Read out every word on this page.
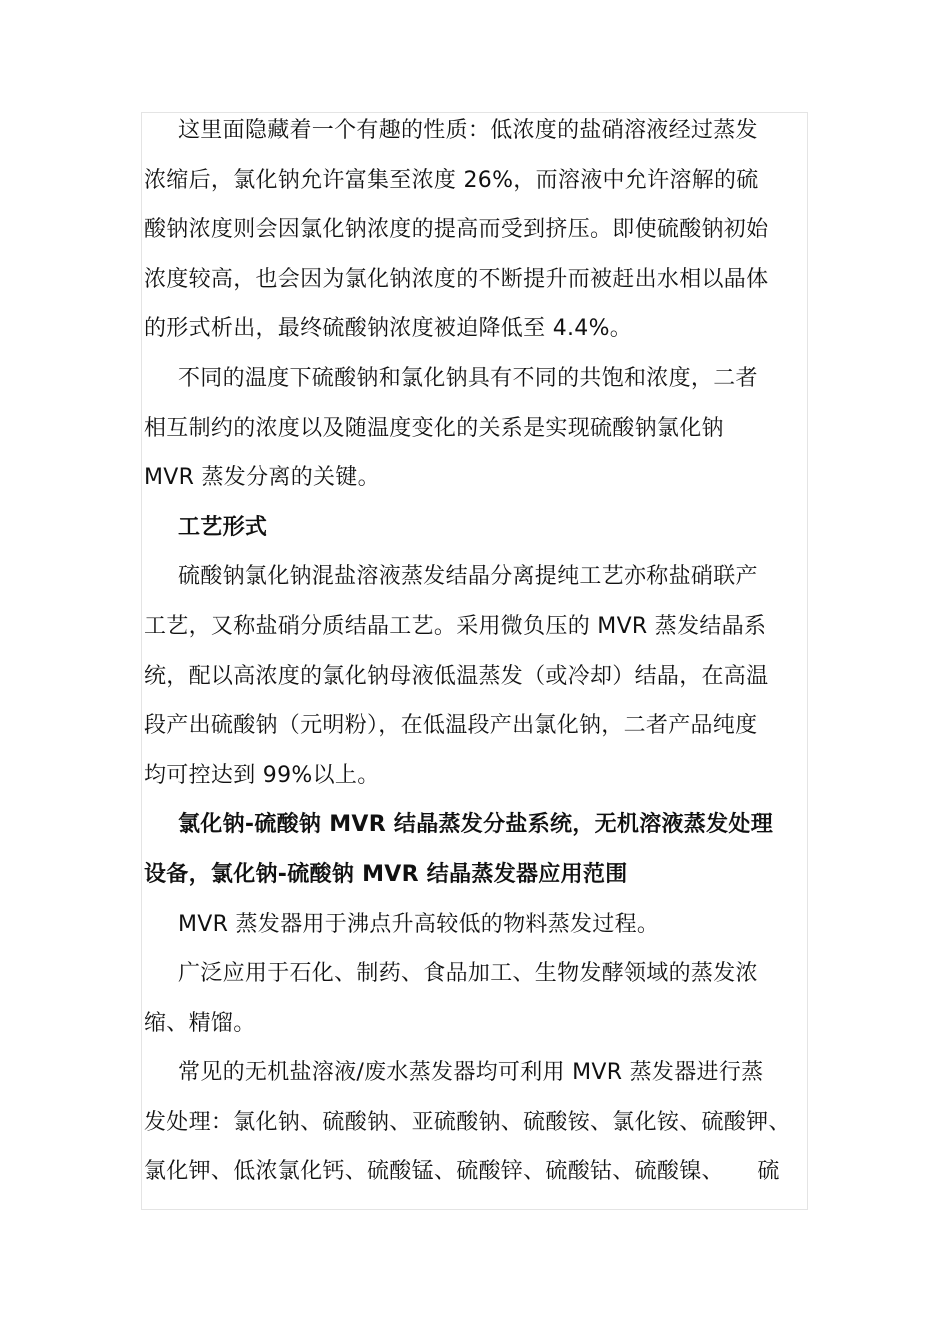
这里面隐藏着一个有趣的性质：低浓度的盐硝溶液经过蒸发
浓缩后，氯化钠允许富集至浓度 26%，而溶液中允许溶解的硫
酸钠浓度则会因氯化钠浓度的提高而受到挤压。即使硫酸钠初始
浓度较高，也会因为氯化钠浓度的不断提升而被赶出水相以晶体
的形式析出，最终硫酸钠浓度被迫降低至 4.4%。

不同的温度下硫酸钠和氯化钠具有不同的共饱和浓度，二者
相互制约的浓度以及随温度变化的关系是实现硫酸钠氯化钠
MVR 蒸发分离的关键。

工艺形式

硫酸钠氯化钠混盐溶液蒸发结晶分离提纯工艺亦称盐硝联产
工艺，又称盐硝分质结晶工艺。采用微负压的 MVR 蒸发结晶系
统，配以高浓度的氯化钠母液低温蒸发（或冷却）结晶，在高温
段产出硫酸钠（元明粉），在低温段产出氯化钠，二者产品纯度
均可控达到 99%以上。

氯化钠-硫酸钠 MVR 结晶蒸发分盐系统，无机溶液蒸发处理
设备，氯化钠-硫酸钠 MVR 结晶蒸发器应用范围

MVR 蒸发器用于沸点升高较低的物料蒸发过程。

广泛应用于石化、制药、食品加工、生物发酵领域的蒸发浓
缩、精馏。

常见的无机盐溶液/废水蒸发器均可利用 MVR 蒸发器进行蒸
发处理：氯化钠、硫酸钠、亚硫酸钠、硫酸铵、氯化铵、硫酸钾、
氯化钾、低浓氯化钙、硫酸锰、硫酸锌、硫酸钴、硫酸镍、　　硫
